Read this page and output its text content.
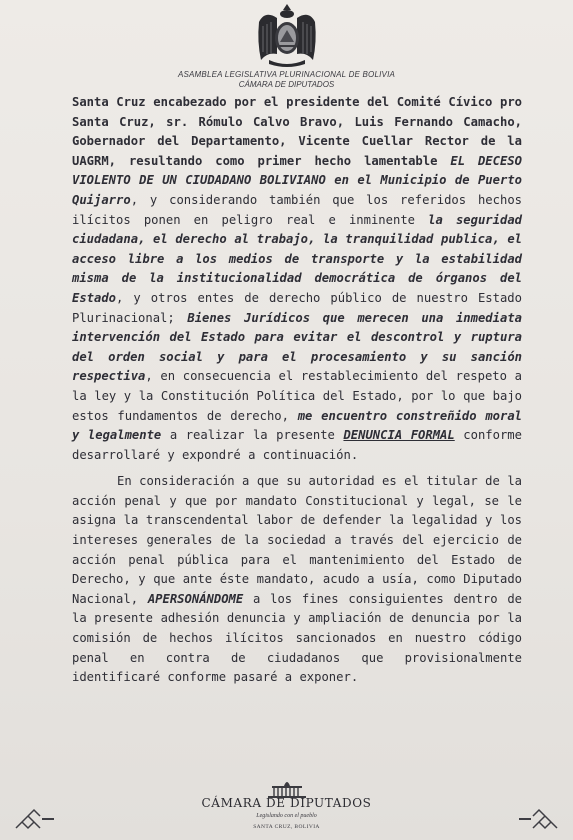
ASAMBLEA LEGISLATIVA PLURINACIONAL DE BOLIVIA
CÁMARA DE DIPUTADOS

Santa Cruz encabezado por el presidente del Comité Cívico pro Santa Cruz, sr. Rómulo Calvo Bravo, Luis Fernando Camacho, Gobernador del Departamento, Vicente Cuellar Rector de la UAGRM, resultando como primer hecho lamentable EL DECESO VIOLENTO DE UN CIUDADANO BOLIVIANO en el Municipio de Puerto Quijarro, y considerando también que los referidos hechos ilícitos ponen en peligro real e inminente la seguridad ciudadana, el derecho al trabajo, la tranquilidad publica, el acceso libre a los medios de transporte y la estabilidad misma de la institucionalidad democrática de órganos del Estado, y otros entes de derecho público de nuestro Estado Plurinacional; Bienes Jurídicos que merecen una inmediata intervención del Estado para evitar el descontrol y ruptura del orden social y para el procesamiento y su sanción respectiva, en consecuencia el restablecimiento del respeto a la ley y la Constitución Política del Estado, por lo que bajo estos fundamentos de derecho, me encuentro constreñido moral y legalmente a realizar la presente DENUNCIA FORMAL conforme desarrollaré y expondré a continuación.

En consideración a que su autoridad es el titular de la acción penal y que por mandato Constitucional y legal, se le asigna la transcendental labor de defender la legalidad y los intereses generales de la sociedad a través del ejercicio de acción penal pública para el mantenimiento del Estado de Derecho, y que ante éste mandato, acudo a usía, como Diputado Nacional, APERSONÁNDOME a los fines consiguientes dentro de la presente adhesión denuncia y ampliación de denuncia por la comisión de hechos ilícitos sancionados en nuestro código penal en contra de ciudadanos que provisionalmente identificaré conforme pasaré a exponer.

CÁMARA DE DIPUTADOS
Legislando con el pueblo
SANTA CRUZ, BOLIVIA
